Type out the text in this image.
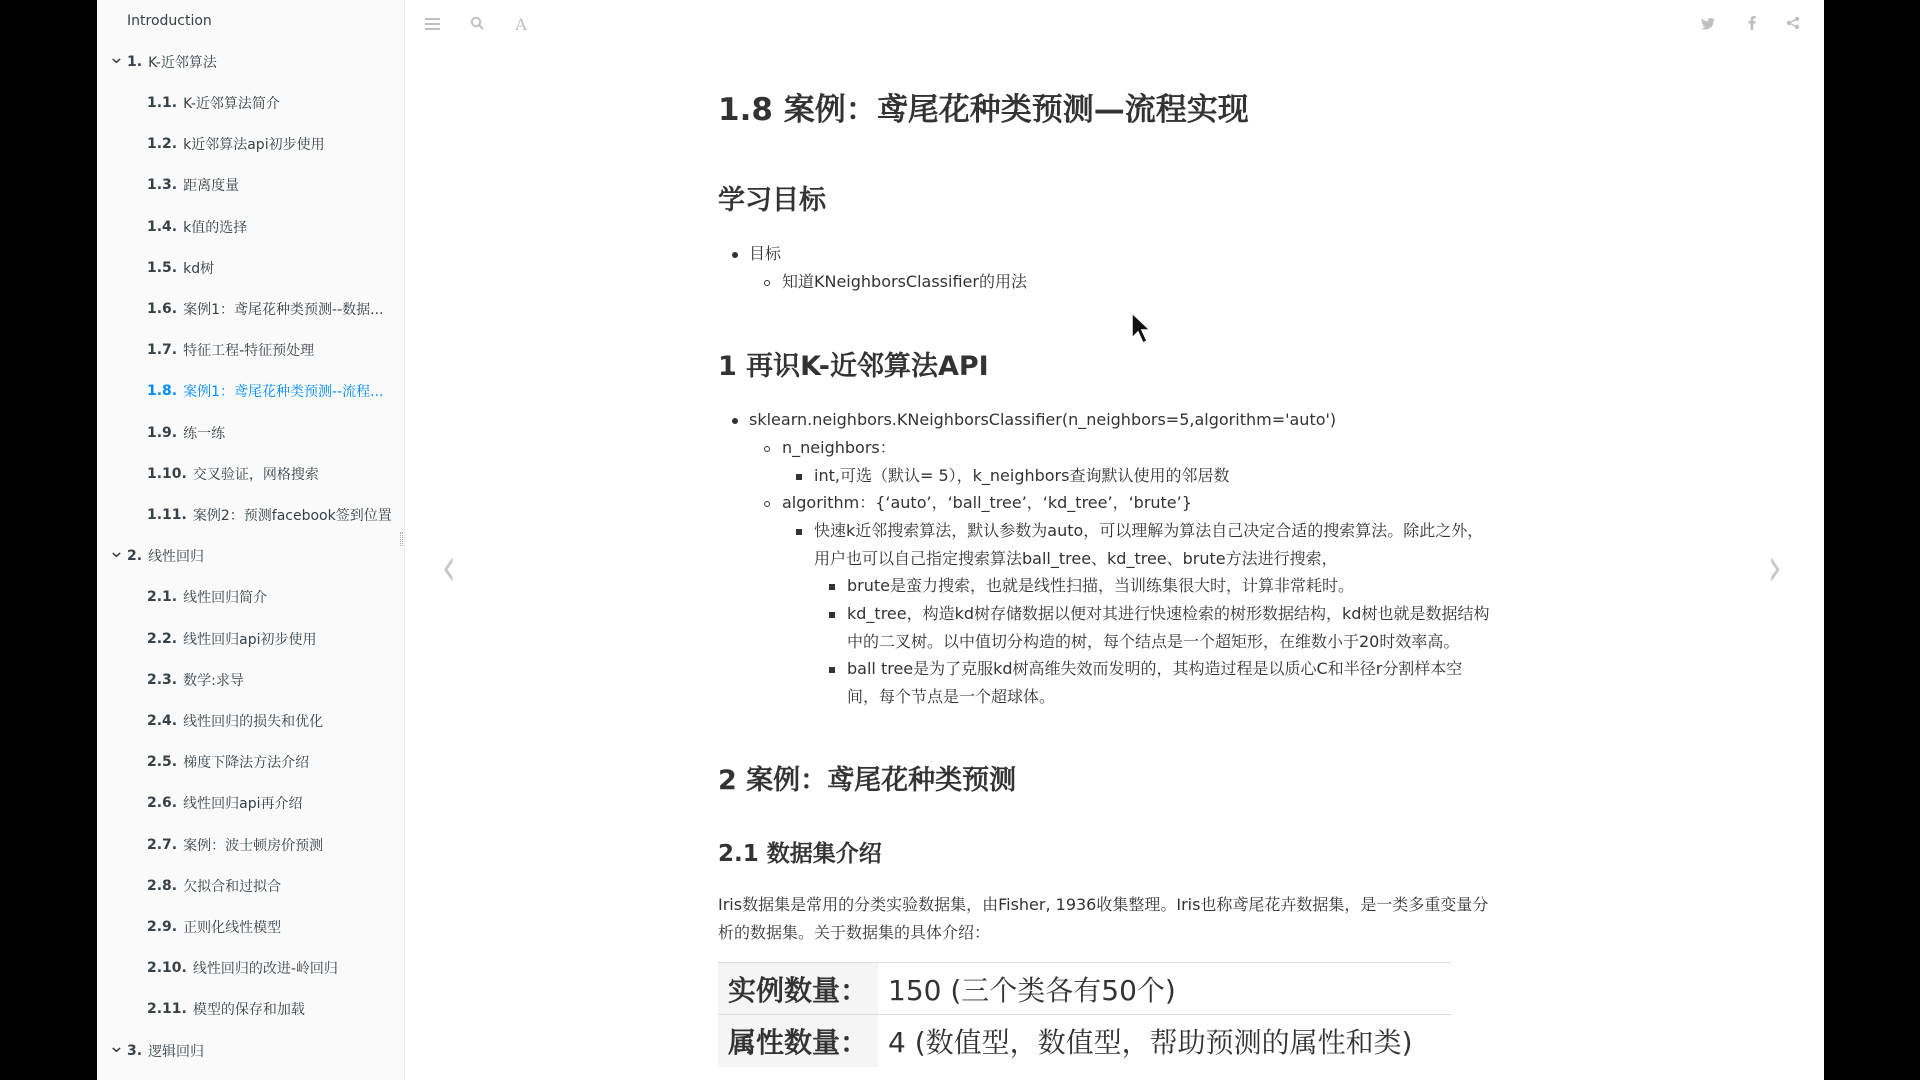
Introduction
⌄ 1. K-近邻算法
1.1. K-近邻算法简介
1.2. k近邻算法api初步使用
1.3. 距离度量
1.4. k值的选择
1.5. kd树
1.6. 案例1：鸢尾花种类预测--数据...
1.7. 特征工程-特征预处理
1.8. 案例1：鸢尾花种类预测--流程...
1.9. 练一练
1.10. 交叉验证，网格搜索
1.11. 案例2：预测facebook签到位置
⌄ 2. 线性回归
2.1. 线性回归简介
2.2. 线性回归api初步使用
2.3. 数学:求导
2.4. 线性回归的损失和优化
2.5. 梯度下降法方法介绍
2.6. 线性回归api再介绍
2.7. 案例：波士顿房价预测
2.8. 欠拟合和过拟合
2.9. 正则化线性模型
2.10. 线性回归的改进-岭回归
2.11. 模型的保存和加载
⌄ 3. 逻辑回归
A
‹	›
1.8 案例：鸢尾花种类预测—流程实现
学习目标
目标
知道KNeighborsClassifier的用法
1 再识K-近邻算法API
sklearn.neighbors.KNeighborsClassifier(n_neighbors=5,algorithm='auto')
n_neighbors：
int,可选（默认= 5），k_neighbors查询默认使用的邻居数
algorithm：{‘auto’，‘ball_tree’，‘kd_tree’，‘brute’}
快速k近邻搜索算法，默认参数为auto，可以理解为算法自己决定合适的搜索算法。除此之外，
用户也可以自己指定搜索算法ball_tree、kd_tree、brute方法进行搜索，
brute是蛮力搜索，也就是线性扫描，当训练集很大时，计算非常耗时。
kd_tree，构造kd树存储数据以便对其进行快速检索的树形数据结构，kd树也就是数据结构
中的二叉树。以中值切分构造的树，每个结点是一个超矩形，在维数小于20时效率高。
ball tree是为了克服kd树高维失效而发明的，其构造过程是以质心C和半径r分割样本空
间，每个节点是一个超球体。
2 案例：鸢尾花种类预测
2.1 数据集介绍
Iris数据集是常用的分类实验数据集，由Fisher, 1936收集整理。Iris也称鸢尾花卉数据集，是一类多重变量分
析的数据集。关于数据集的具体介绍：
实例数量：	150 (三个类各有50个)
属性数量：	4 (数值型，数值型，帮助预测的属性和类)
